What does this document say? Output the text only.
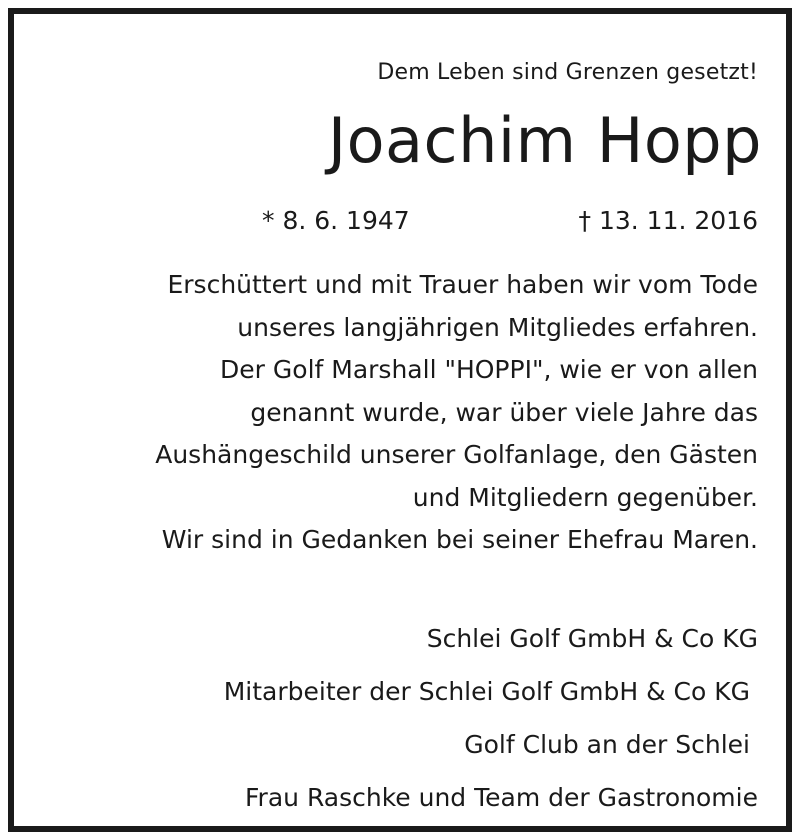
Dem Leben sind Grenzen gesetzt!
Joachim Hopp
* 8. 6. 1947	† 13. 11. 2016
Erschüttert und mit Trauer haben wir vom Tode
unseres langjährigen Mitgliedes erfahren.
Der Golf Marshall "HOPPI", wie er von allen
genannt wurde, war über viele Jahre das
Aushängeschild unserer Golfanlage, den Gästen
und Mitgliedern gegenüber.
Wir sind in Gedanken bei seiner Ehefrau Maren.
Schlei Golf GmbH & Co KG
Mitarbeiter der Schlei Golf GmbH & Co KG
Golf Club an der Schlei
Frau Raschke und Team der Gastronomie
